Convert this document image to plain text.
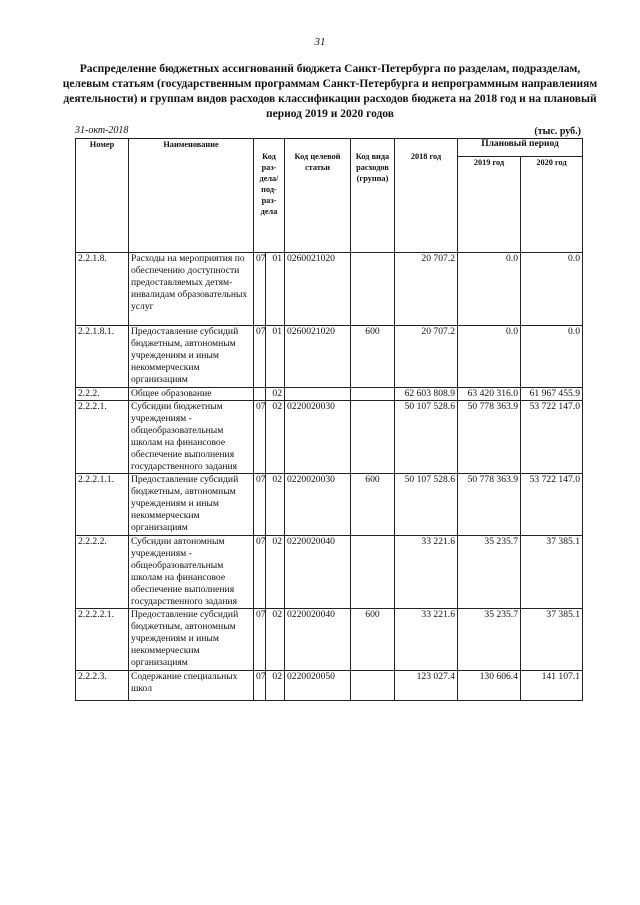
31
Распределение бюджетных ассигнований бюджета Санкт-Петербурга по разделам, подразделам, целевым статьям (государственным программам Санкт-Петербурга и непрограммным направлениям деятельности) и группам видов расходов классификации расходов бюджета на 2018 год и на плановый период 2019 и 2020 годов
31-окт-2018	(тыс. руб.)
Номер	Наименование	Код раз-дела/ под-раз-дела		Код целевой статьи	Код вида расходов (группа)	2018 год	Плановый период	
							2019 год	2020 год
2.2.1.8.	Расходы на мероприятия по обеспечению доступности предоставляемых детям-инвалидам образовательных услуг	07	01	0260021020		20 707.2	0.0	0.0
2.2.1.8.1.	Предоставление субсидий бюджетным, автономным учреждениям и иным некоммерческим организациям	07	01	0260021020	600	20 707.2	0.0	0.0
2.2.2.	Общее образование		02			62 603 808.9	63 420 316.0	61 967 455.9
2.2.2.1.	Субсидии бюджетным учреждениям - общеобразовательным школам на финансовое обеспечение выполнения государственного задания	07	02	0220020030		50 107 528.6	50 778 363.9	53 722 147.0
2.2.2.1.1.	Предоставление субсидий бюджетным, автономным учреждениям и иным некоммерческим организациям	07	02	0220020030	600	50 107 528.6	50 778 363.9	53 722 147.0
2.2.2.2.	Субсидии автономным учреждениям - общеобразовательным школам на финансовое обеспечение выполнения государственного задания	07	02	0220020040		33 221.6	35 235.7	37 385.1
2.2.2.2.1.	Предоставление субсидий бюджетным, автономным учреждениям и иным некоммерческим организациям	07	02	0220020040	600	33 221.6	35 235.7	37 385.1
2.2.2.3.	Содержание специальных школ	07	02	0220020050		123 027.4	130 606.4	141 107.1
